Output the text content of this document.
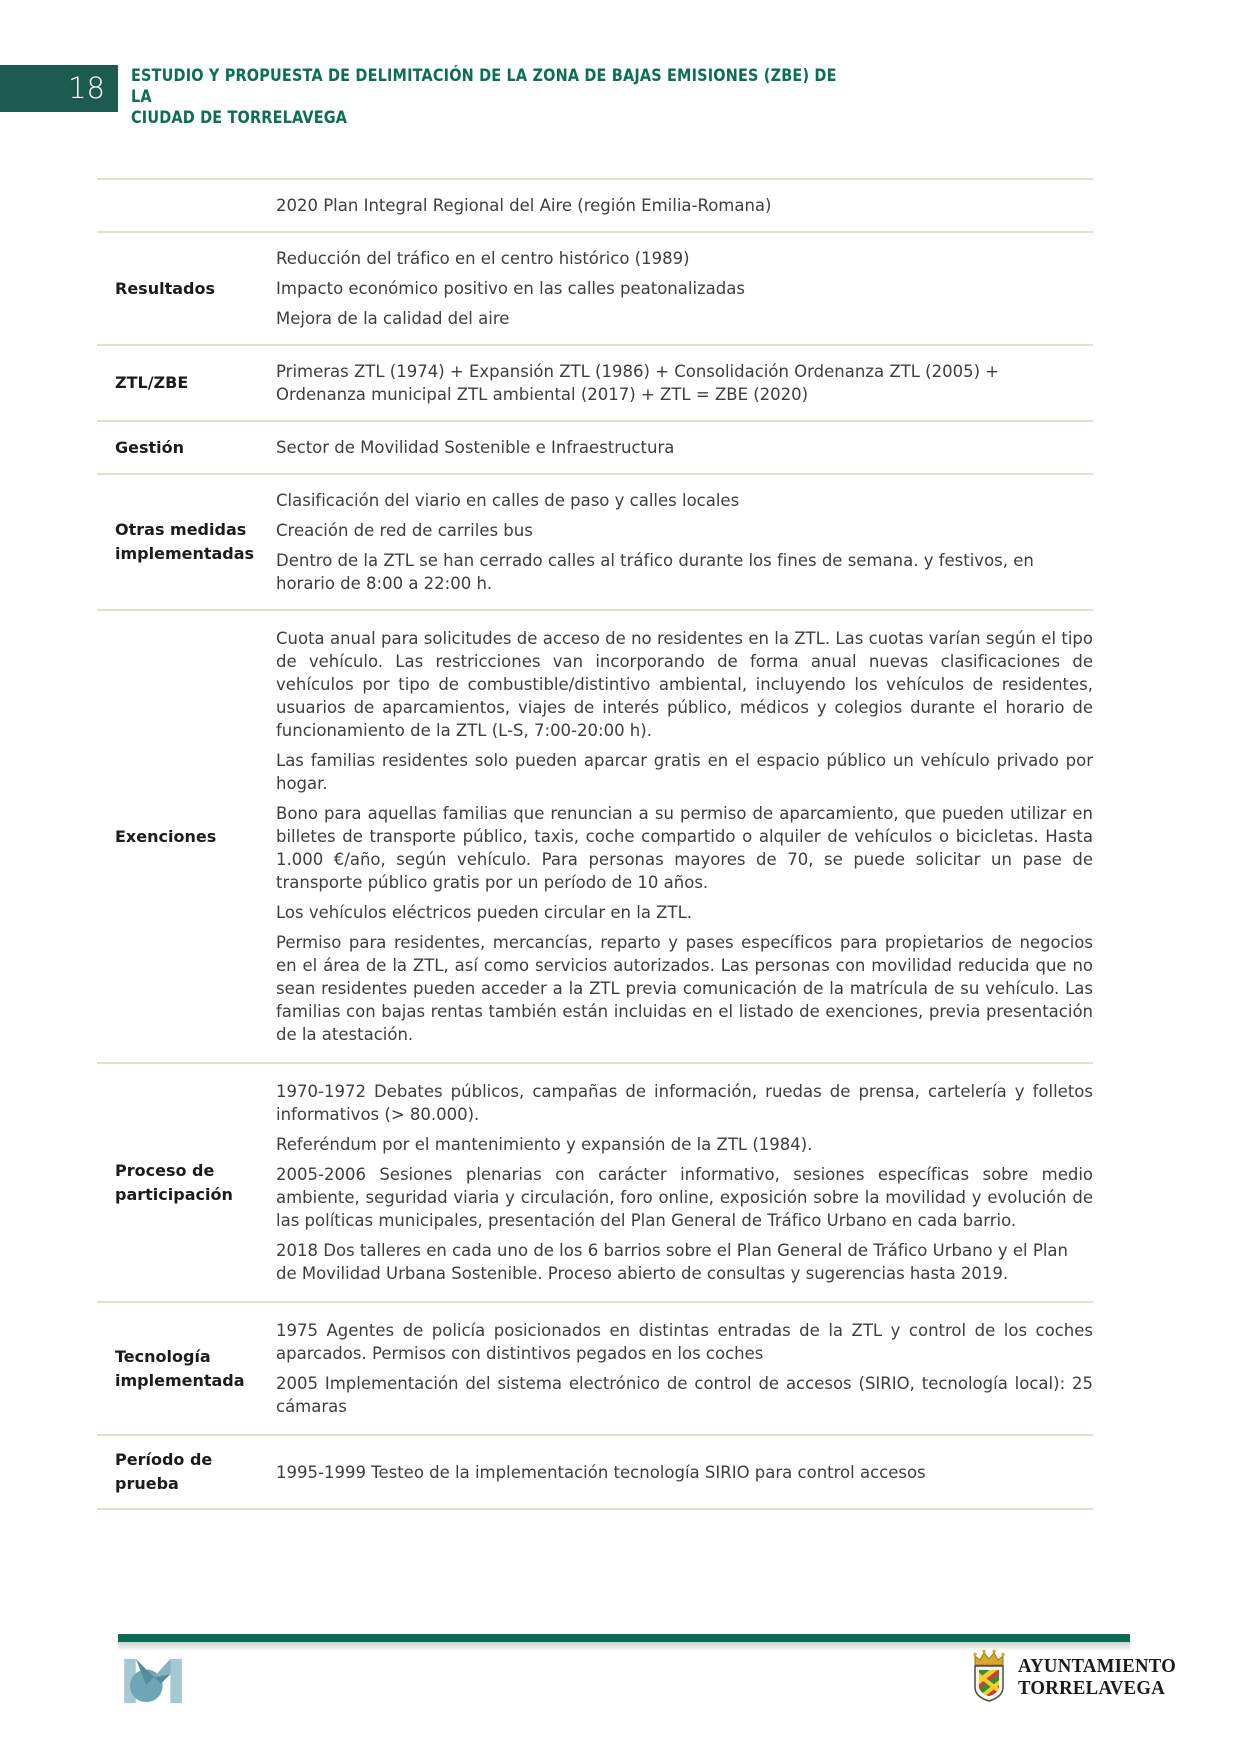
18 ESTUDIO Y PROPUESTA DE DELIMITACIÓN DE LA ZONA DE BAJAS EMISIONES (ZBE) DE LA
CIUDAD DE TORRELAVEGA

2020 Plan Integral Regional del Aire (región Emilia-Romana)

Resultados

Reducción del tráfico en el centro histórico (1989)

Impacto económico positivo en las calles peatonalizadas

Mejora de la calidad del aire

ZTL/ZBE

Primeras ZTL (1974) + Expansión ZTL (1986) + Consolidación Ordenanza ZTL (2005) + Ordenanza municipal ZTL ambiental (2017) + ZTL = ZBE (2020)

Gestión	Sector de Movilidad Sostenible e Infraestructura

Otras medidas implementadas

Clasificación del viario en calles de paso y calles locales

Creación de red de carriles bus

Dentro de la ZTL se han cerrado calles al tráfico durante los fines de semana. y festivos, en horario de 8:00 a 22:00 h.

Exenciones

Cuota anual para solicitudes de acceso de no residentes en la ZTL. Las cuotas varían según el tipo de vehículo. Las restricciones van incorporando de forma anual nuevas clasificaciones de vehículos por tipo de combustible/distintivo ambiental, incluyendo los vehículos de residentes, usuarios de aparcamientos, viajes de interés público, médicos y colegios durante el horario de funcionamiento de la ZTL (L-S, 7:00-20:00 h).

Las familias residentes solo pueden aparcar gratis en el espacio público un vehículo privado por hogar.

Bono para aquellas familias que renuncian a su permiso de aparcamiento, que pueden utilizar en billetes de transporte público, taxis, coche compartido o alquiler de vehículos o bicicletas. Hasta 1.000 €/año, según vehículo. Para personas mayores de 70, se puede solicitar un pase de transporte público gratis por un período de 10 años.

Los vehículos eléctricos pueden circular en la ZTL.

Permiso para residentes, mercancías, reparto y pases específicos para propietarios de negocios en el área de la ZTL, así como servicios autorizados. Las personas con movilidad reducida que no sean residentes pueden acceder a la ZTL previa comunicación de la matrícula de su vehículo. Las familias con bajas rentas también están incluidas en el listado de exenciones, previa presentación de la atestación.

Proceso de participación

1970-1972 Debates públicos, campañas de información, ruedas de prensa, cartelería y folletos informativos (> 80.000).

Referéndum por el mantenimiento y expansión de la ZTL (1984).

2005-2006 Sesiones plenarias con carácter informativo, sesiones específicas sobre medio ambiente, seguridad viaria y circulación, foro online, exposición sobre la movilidad y evolución de las políticas municipales, presentación del Plan General de Tráfico Urbano en cada barrio.

2018 Dos talleres en cada uno de los 6 barrios sobre el Plan General de Tráfico Urbano y el Plan de Movilidad Urbana Sostenible. Proceso abierto de consultas y sugerencias hasta 2019.

Tecnología implementada

1975 Agentes de policía posicionados en distintas entradas de la ZTL y control de los coches aparcados. Permisos con distintivos pegados en los coches

2005 Implementación del sistema electrónico de control de accesos (SIRIO, tecnología local): 25 cámaras

Período de prueba

1995-1999 Testeo de la implementación tecnología SIRIO para control accesos

AYUNTAMIENTO
TORRELAVEGA
